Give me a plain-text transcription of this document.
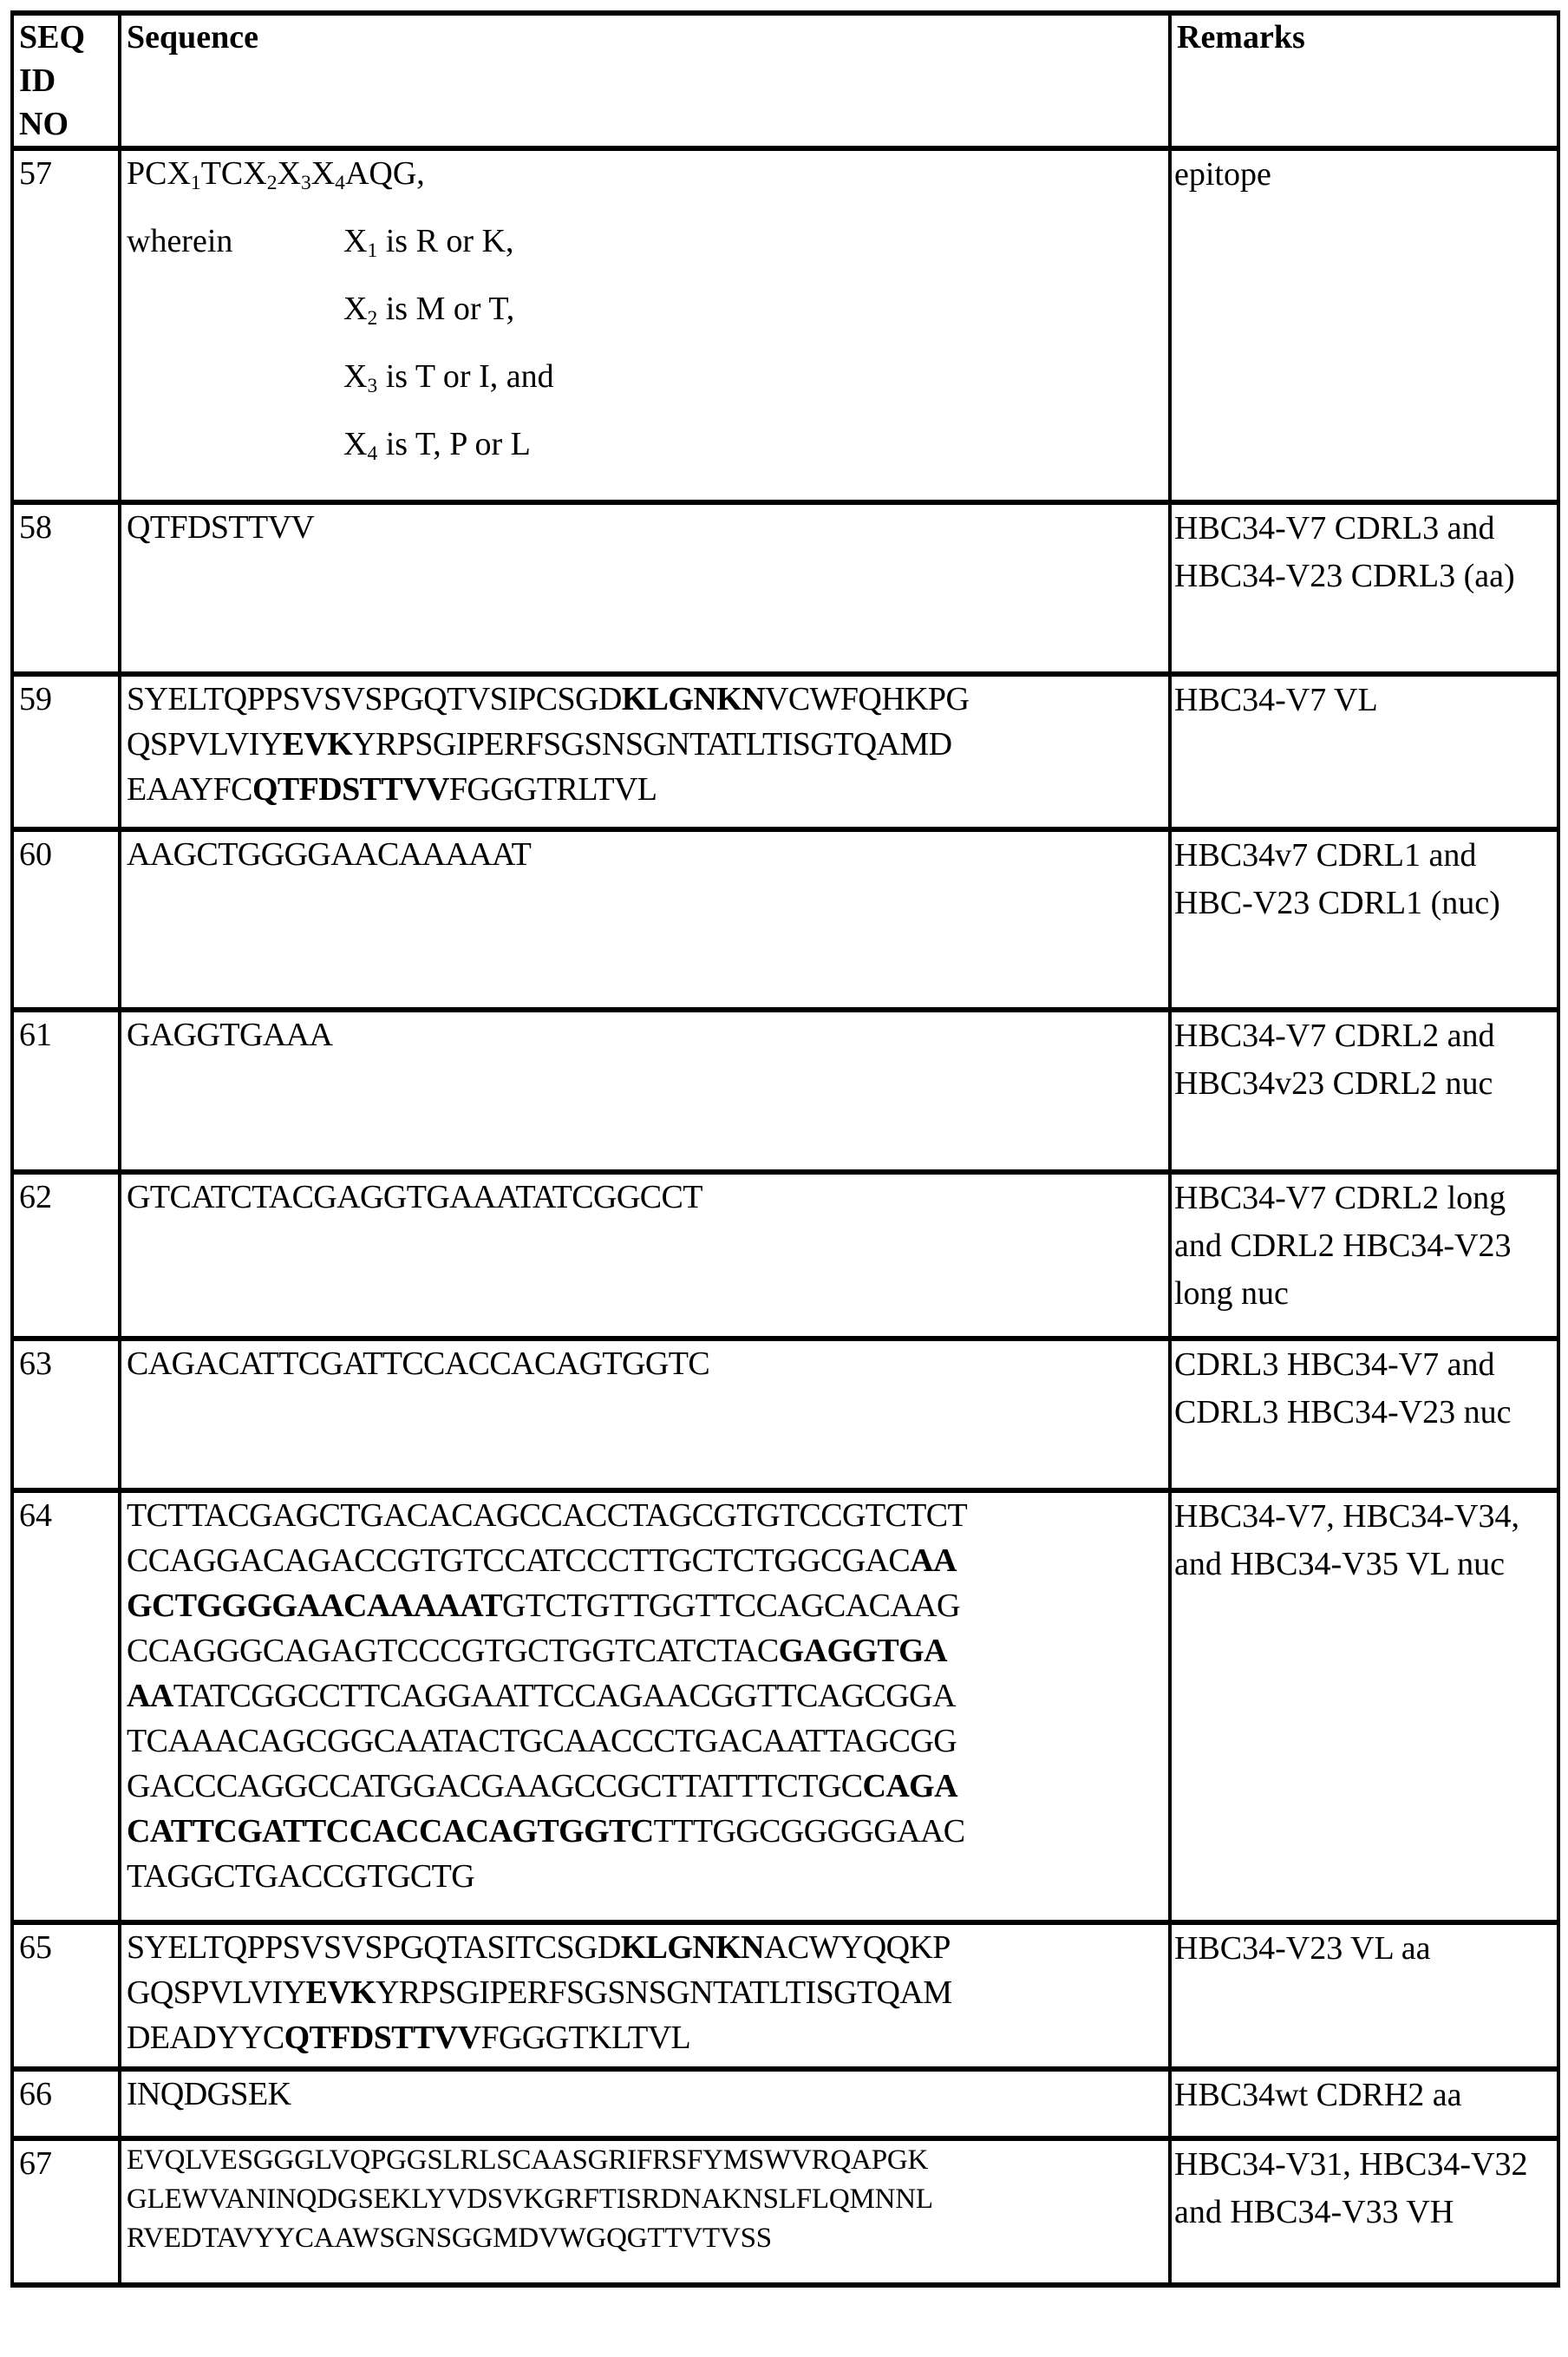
SEQ
ID
NO	Sequence	Remarks
57	$PCX_1TCX_2X_3X_4AQG$,
wherein	$X_1$ is R or K,
$X_2$ is M or T,
$X_3$ is T or I, and
$X_4$ is T, P or L
	epitope
58	QTFDSTTVV	HBC34-V7 CDRL3 and HBC34-V23 CDRL3 (aa)
59	SYELTQPPSVSVSPGQTVSIPCSGDKLGNKNVCWFQHKPG
QSPVLVIYEVKYRPSGIPERFSGSNSGNTATLTISGTQAMD
EAAYFCQTFDSTTVVFGGGTRLTVL	HBC34-V7 VL
60	AAGCTGGGGAACAAAAAT	HBC34v7 CDRL1 and HBC-V23 CDRL1 (nuc)
61	GAGGTGAAA	HBC34-V7 CDRL2 and HBC34v23 CDRL2 nuc
62	GTCATCTACGAGGTGAAATATCGGCCT	HBC34-V7 CDRL2 long and CDRL2 HBC34-V23 long nuc
63	CAGACATTCGATTCCACCACAGTGGTC	CDRL3 HBC34-V7 and CDRL3 HBC34-V23 nuc
64	TCTTACGAGCTGACACAGCCACCTAGCGTGTCCGTCTCT
CCAGGACAGACCGTGTCCATCCCTTGCTCTGGCGACAA
GCTGGGGAACAAAAATGTCTGTTGGTTCCAGCACAAG
CCAGGGCAGAGTCCCGTGCTGGTCATCTACGAGGTGA
AATATCGGCCTTCAGGAATTCCAGAACGGTTCAGCGGA
TCAAACAGCGGCAATACTGCAACCCTGACAATTAGCGG
GACCCAGGCCATGGACGAAGCCGCTTATTTCTGCCAGA
CATTCGATTCCACCACAGTGGTCTTTGGCGGGGGAAC
TAGGCTGACCGTGCTG
	HBC34-V7, HBC34-V34, and HBC34-V35 VL nuc
65	SYELTQPPSVSVSPGQTASITCSGDKLGNKNACWYQQKP
GQSPVLVIYEVKYRPSGIPERFSGSNSGNTATLTISGTQAM
DEADYYCQTFDSTTVVFGGGTKLTVL	HBC34-V23 VL aa
66	INQDGSEK	HBC34wt CDRH2 aa
67	EVQLVESGGGLVQPGGSLRLSCAASGRIFRSFYMSWVRQAPGK
GLEWVANINQDGSEKLYVDSVKGRFTISRDNAKNSLFLQMNNL
RVEDTAVYYCAAWSGNSGGMDVWGQGTTVTVSS	HBC34-V31, HBC34-V32 and HBC34-V33 VH
